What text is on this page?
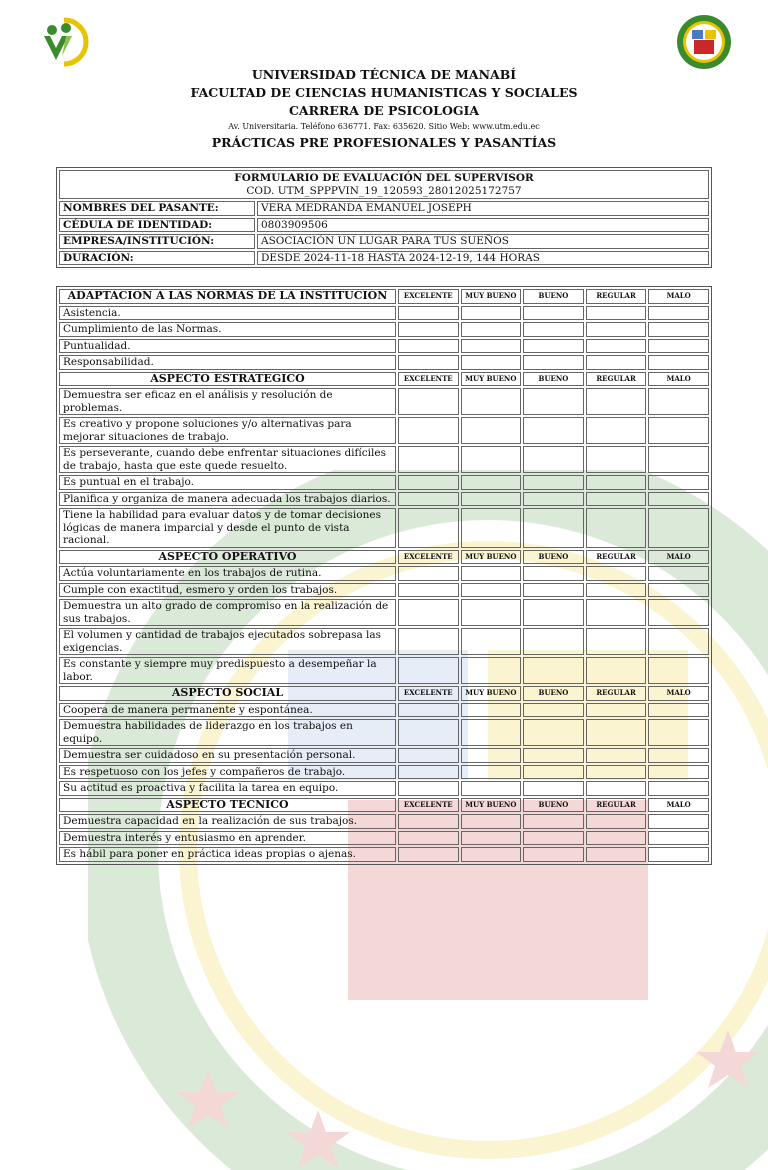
UNIVERSIDAD TÉCNICA DE MANABÍ
FACULTAD DE CIENCIAS HUMANISTICAS Y SOCIALES
CARRERA DE PSICOLOGIA
Av. Universitaria. Teléfono 636771. Fax: 635620. Sitio Web: www.utm.edu.ec
PRÁCTICAS PRE PROFESIONALES Y PASANTÍAS
FORMULARIO DE EVALUACIÓN DEL SUPERVISOR
COD. UTM_SPPPVIN_19_120593_28012025172757	

NOMBRES DEL PASANTE:	VERA MEDRANDA EMANUEL JOSEPH
CÉDULA DE IDENTIDAD:	0803909506
EMPRESA/INSTITUCIÓN:	ASOCIACIÓN UN LUGAR PARA TUS SUEÑOS
DURACIÓN:	DESDE 2024-11-18 HASTA 2024-12-19, 144 HORAS
ADAPTACION A LAS NORMAS DE LA INSTITUCION	EXCELENTE	MUY BUENO	BUENO	REGULAR	MALO
Asistencia.					
Cumplimiento de las Normas.					
Puntualidad.					
Responsabilidad.					
ASPECTO ESTRATEGICO	EXCELENTE	MUY BUENO	BUENO	REGULAR	MALO
Demuestra ser eficaz en el análisis y resolución de problemas.					
Es creativo y propone soluciones y/o alternativas para mejorar situaciones de trabajo.					
Es perseverante, cuando debe enfrentar situaciones difíciles de trabajo, hasta que este quede resuelto.					
Es puntual en el trabajo.					
Planifica y organiza de manera adecuada los trabajos diarios.					
Tiene la habilidad para evaluar datos y de tomar decisiones lógicas de manera imparcial y desde el punto de vista racional.					
ASPECTO OPERATIVO	EXCELENTE	MUY BUENO	BUENO	REGULAR	MALO
Actúa voluntariamente en los trabajos de rutina.					
Cumple con exactitud, esmero y orden los trabajos.					
Demuestra un alto grado de compromiso en la realización de sus trabajos.					
El volumen y cantidad de trabajos ejecutados sobrepasa las exigencias.					
Es constante y siempre muy predispuesto a desempeñar la labor.					
ASPECTO SOCIAL	EXCELENTE	MUY BUENO	BUENO	REGULAR	MALO
Coopera de manera permanente y espontánea.					
Demuestra habilidades de liderazgo en los trabajos en equipo.					
Demuestra ser cuidadoso en su presentación personal.					
Es respetuoso con los jefes y compañeros de trabajo.					
Su actitud es proactiva y facilita la tarea en equipo.					
ASPECTO TECNICO	EXCELENTE	MUY BUENO	BUENO	REGULAR	MALO
Demuestra capacidad en la realización de sus trabajos.					
Demuestra interés y entusiasmo en aprender.					
Es hábil para poner en práctica ideas propias o ajenas.					
